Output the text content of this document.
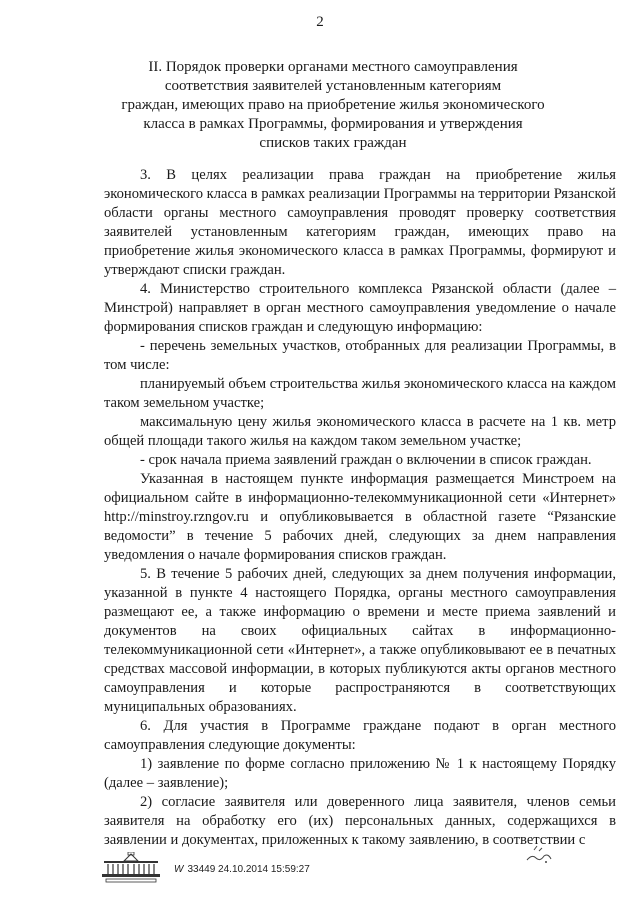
2
II. Порядок проверки органами местного самоуправления
соответствия заявителей установленным категориям
граждан, имеющих право на приобретение жилья экономического
класса в рамках Программы, формирования и утверждения
списков таких граждан

3. В целях реализации права граждан на приобретение жилья экономического класса в рамках реализации Программы на территории Рязанской области органы местного самоуправления проводят проверку соответствия заявителей установленным категориям граждан, имеющих право на приобретение жилья экономического класса в рамках Программы, формируют и утверждают списки граждан.

4. Министерство строительного комплекса Рязанской области (далее – Минстрой) направляет в орган местного самоуправления уведомление о начале формирования списков граждан и следующую информацию:

- перечень земельных участков, отобранных для реализации Программы, в том числе:

планируемый объем строительства жилья экономического класса на каждом таком земельном участке;

максимальную цену жилья экономического класса в расчете на 1 кв. метр общей площади такого жилья на каждом таком земельном участке;

- срок начала приема заявлений граждан о включении в список граждан.

Указанная в настоящем пункте информация размещается Минстроем на официальном сайте в информационно-телекоммуникационной сети «Интернет» http://minstroy.rzngov.ru и опубликовывается в областной газете “Рязанские ведомости” в течение 5 рабочих дней, следующих за днем направления уведомления о начале формирования списков граждан.

5. В течение 5 рабочих дней, следующих за днем получения информации, указанной в пункте 4 настоящего Порядка, органы местного самоуправления размещают ее, а также информацию о времени и месте приема заявлений и документов на своих официальных сайтах в информационно-телекоммуникационной сети «Интернет», а также опубликовывают ее в печатных средствах массовой информации, в которых публикуются акты органов местного самоуправления и которые распространяются в соответствующих муниципальных образованиях.

6. Для участия в Программе граждане подают в орган местного самоуправления следующие документы:

1) заявление по форме согласно приложению № 1 к настоящему Порядку (далее – заявление);

2) согласие заявителя или доверенного лица заявителя, членов семьи заявителя на обработку его (их) персональных данных, содержащихся в заявлении и документах, приложенных к такому заявлению, в соответствии с

W 33449 24.10.2014 15:59:27
